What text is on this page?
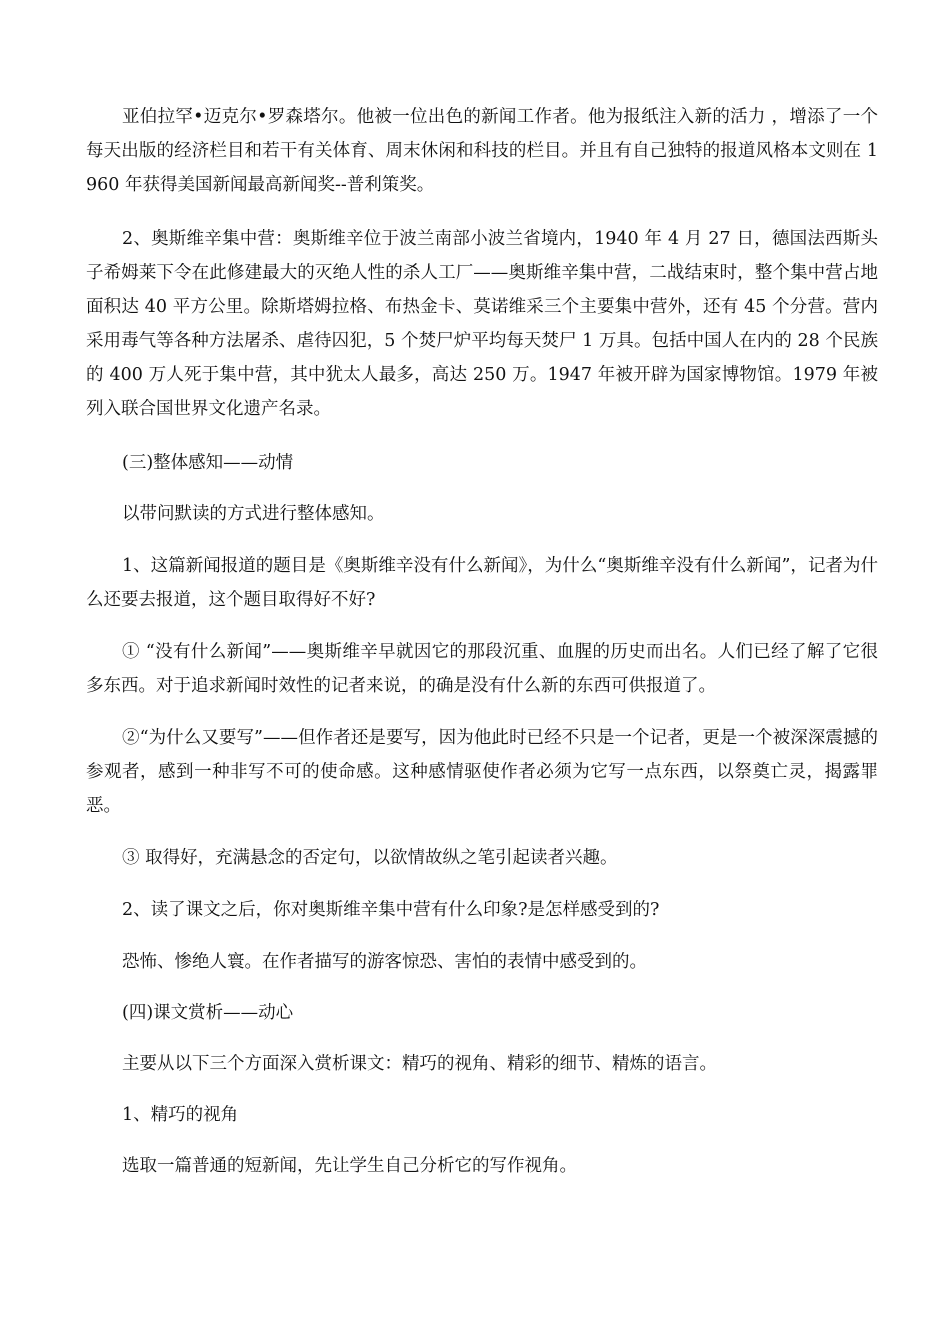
亚伯拉罕•迈克尔•罗森塔尔。他被一位出色的新闻工作者。他为报纸注入新的活力 ，增添了一个每天出版的经济栏目和若干有关体育、周末休闲和科技的栏目。并且有自己独特的报道风格本文则在 1960 年获得美国新闻最高新闻奖--普利策奖。

2、奥斯维辛集中营：奥斯维辛位于波兰南部小波兰省境内，1940 年 4 月 27 日，德国法西斯头子希姆莱下令在此修建最大的灭绝人性的杀人工厂——奥斯维辛集中营，二战结束时，整个集中营占地面积达 40 平方公里。除斯塔姆拉格、布热金卡、莫诺维采三个主要集中营外，还有 45 个分营。营内采用毒气等各种方法屠杀、虐待囚犯，5 个焚尸炉平均每天焚尸 1 万具。包括中国人在内的 28 个民族的 400 万人死于集中营，其中犹太人最多，高达 250 万。1947 年被开辟为国家博物馆。1979 年被列入联合国世界文化遗产名录。

(三)整体感知——动情

以带问默读的方式进行整体感知。

1、这篇新闻报道的题目是《奥斯维辛没有什么新闻》，为什么“奥斯维辛没有什么新闻”，记者为什么还要去报道，这个题目取得好不好?

① “没有什么新闻”——奥斯维辛早就因它的那段沉重、血腥的历史而出名。人们已经了解了它很多东西。对于追求新闻时效性的记者来说，的确是没有什么新的东西可供报道了。

②“为什么又要写”——但作者还是要写，因为他此时已经不只是一个记者，更是一个被深深震撼的参观者，感到一种非写不可的使命感。这种感情驱使作者必须为它写一点东西，以祭奠亡灵，揭露罪恶。

③ 取得好，充满悬念的否定句，以欲情故纵之笔引起读者兴趣。

2、读了课文之后，你对奥斯维辛集中营有什么印象?是怎样感受到的?

恐怖、惨绝人寰。在作者描写的游客惊恐、害怕的表情中感受到的。

(四)课文赏析——动心

主要从以下三个方面深入赏析课文：精巧的视角、精彩的细节、精炼的语言。

1、精巧的视角

选取一篇普通的短新闻，先让学生自己分析它的写作视角。
